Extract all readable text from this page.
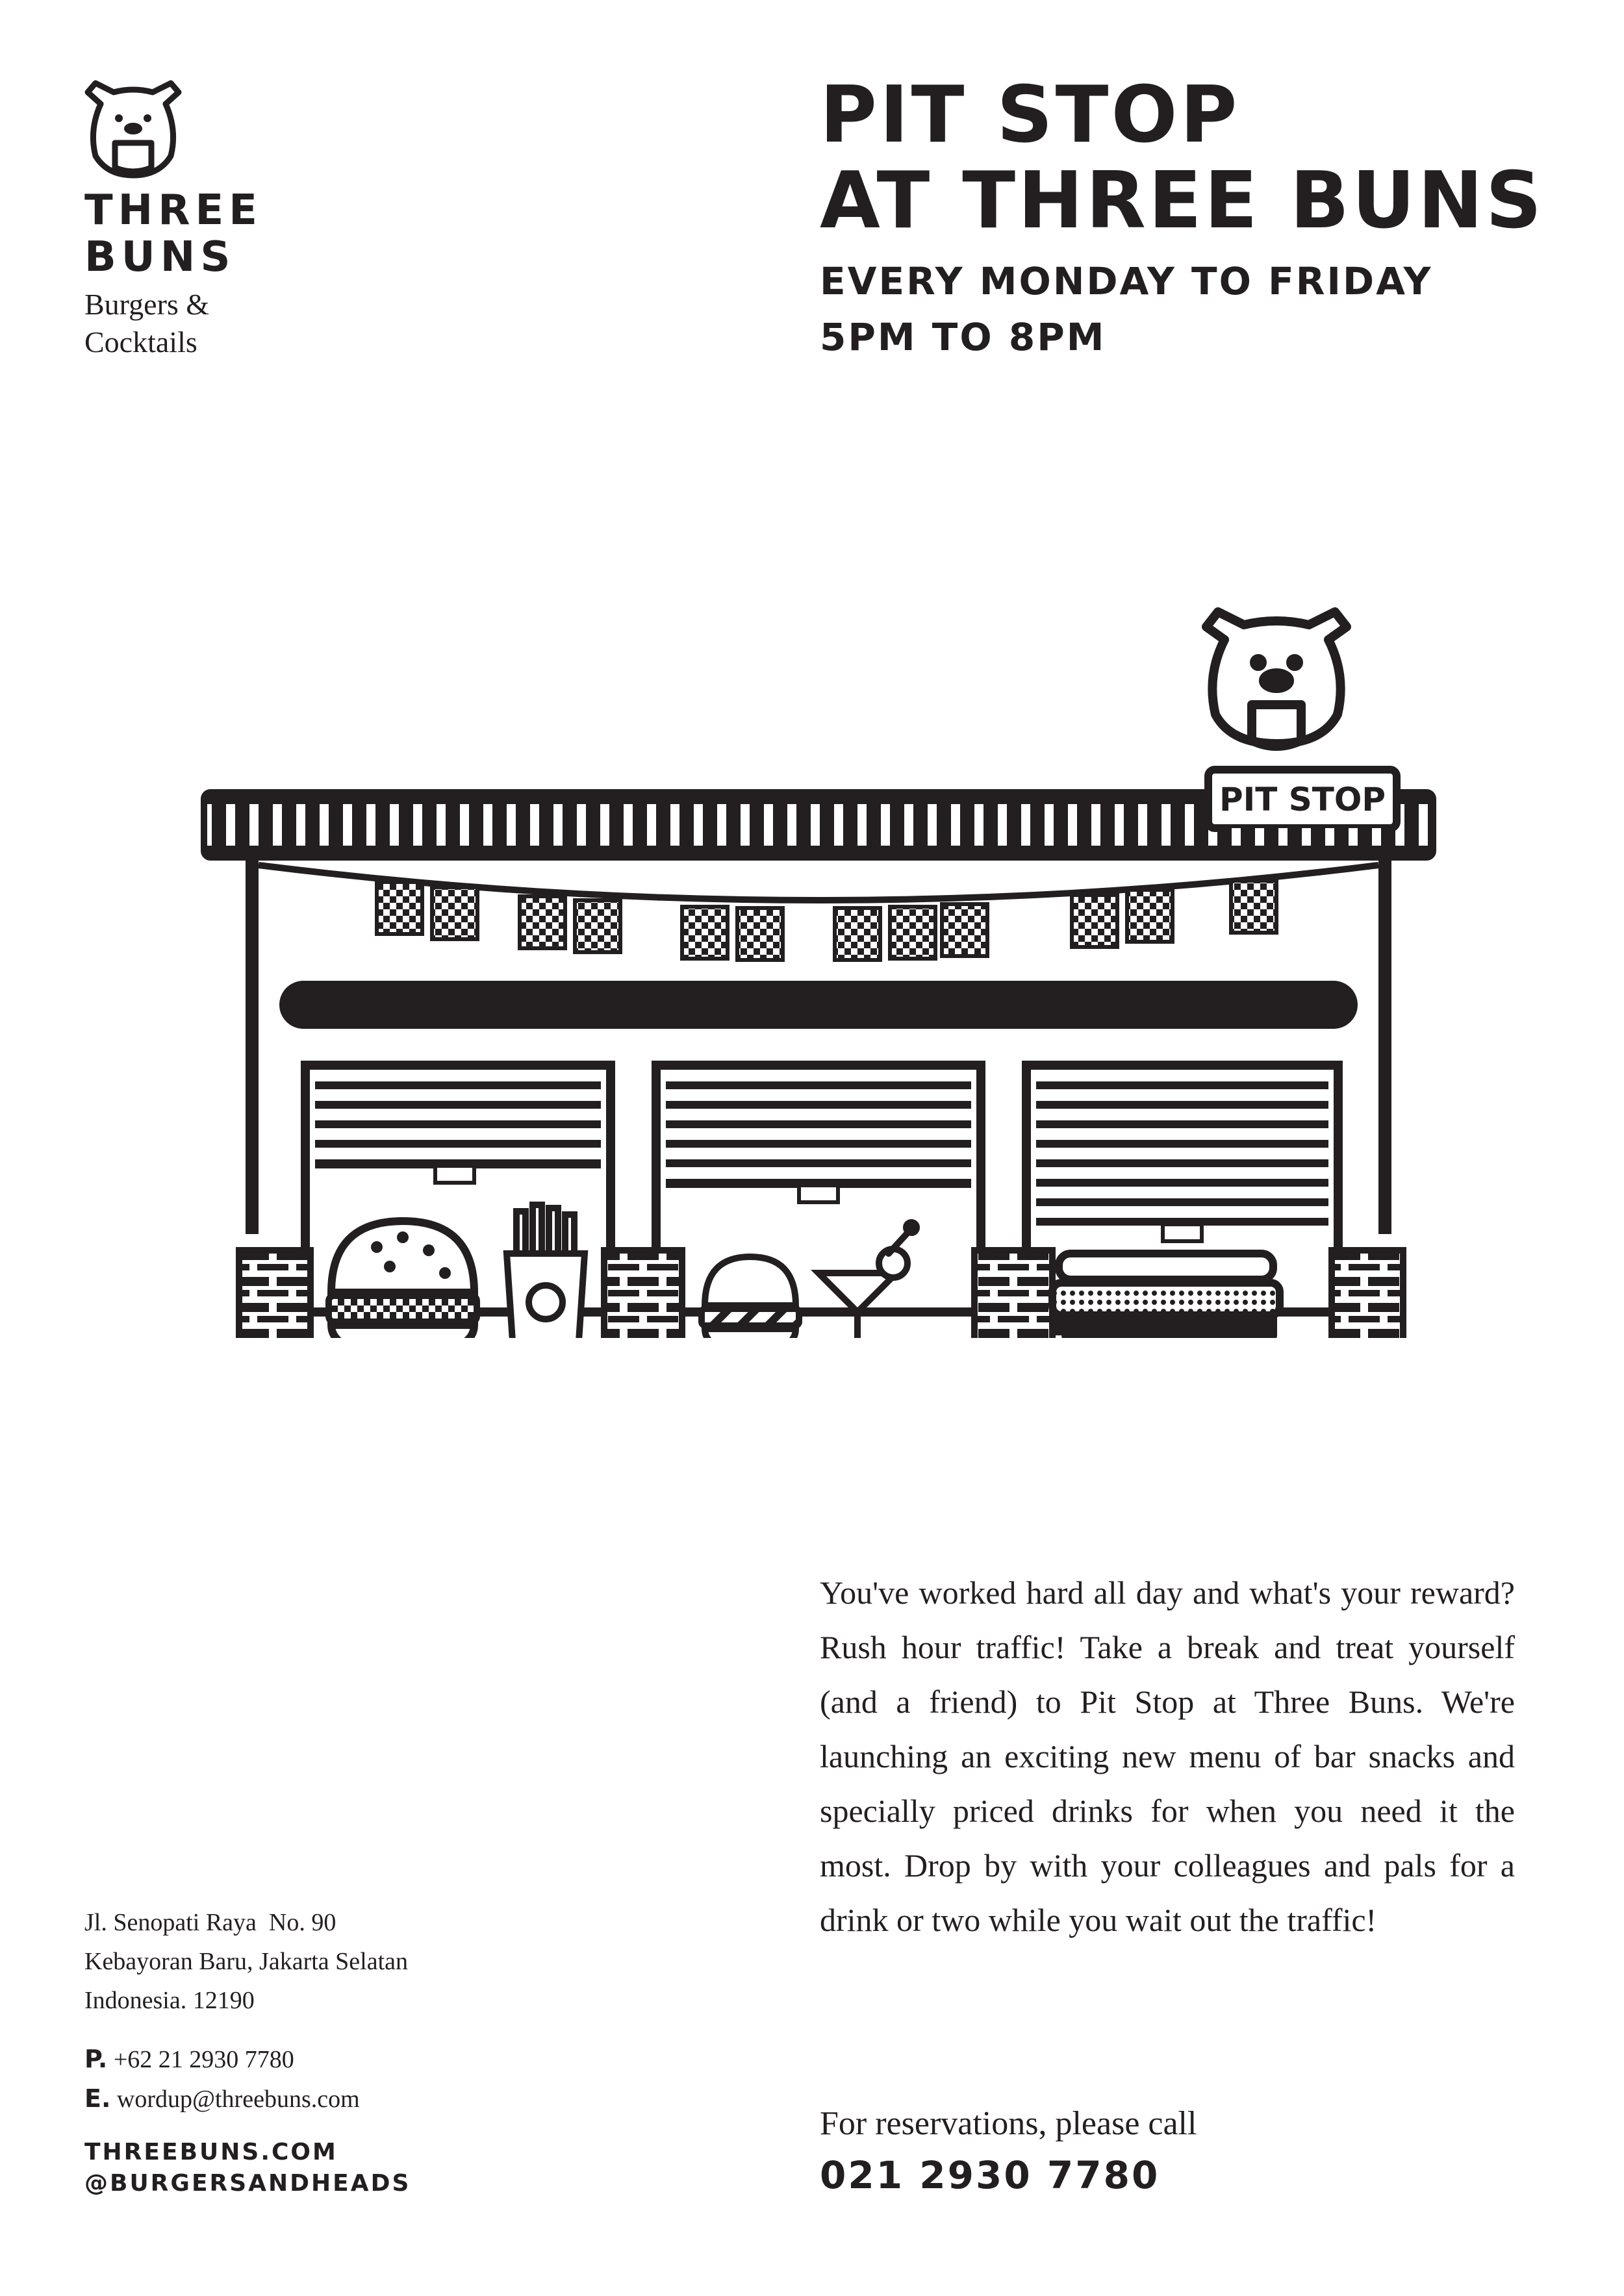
THREE
BUNS
Burgers &
Cocktails
PIT STOP
AT THREE BUNS
EVERY MONDAY TO FRIDAY
5PM TO 8PM
PIT STOP
You've worked hard all day and what's your reward? Rush hour traffic! Take a break and treat yourself (and a friend) to Pit Stop at Three Buns. We're launching an exciting new menu of bar snacks and specially priced drinks for when you need it the most. Drop by with your colleagues and pals for a drink or two while you wait out the traffic!
For reservations, please call
021 2930 7780
Jl. Senopati Raya  No. 90
Kebayoran Baru, Jakarta Selatan
Indonesia. 12190
P. +62 21 2930 7780
E. wordup@threebuns.com
THREEBUNS.COM
@BURGERSANDHEADS
